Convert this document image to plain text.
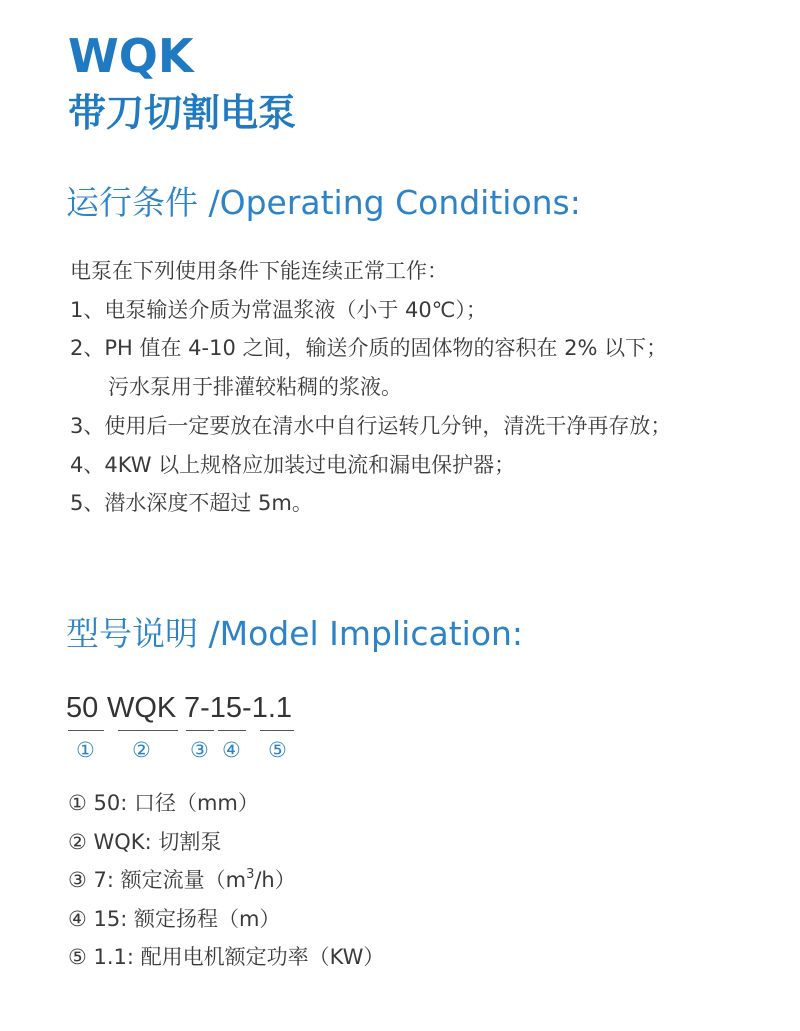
WQK
带刀切割电泵
运行条件 /Operating Conditions:
电泵在下列使用条件下能连续正常工作：
1、电泵输送介质为常温浆液（小于 40℃）；
2、PH 值在 4-10 之间，输送介质的固体物的容积在 2% 以下；
污水泵用于排灌较粘稠的浆液。
3、使用后一定要放在清水中自行运转几分钟，清洗干净再存放；
4、4KW 以上规格应加装过电流和漏电保护器；
5、潜水深度不超过 5m。
型号说明 /Model Implication:
50 WQK 7-15-1.1
① ② ③ ④ ⑤
① 50: 口径（mm）
② WQK: 切割泵
③ 7: 额定流量$(m^3/h)$
④ 15: 额定扬程（m）
⑤ 1.1: 配用电机额定功率（KW）
